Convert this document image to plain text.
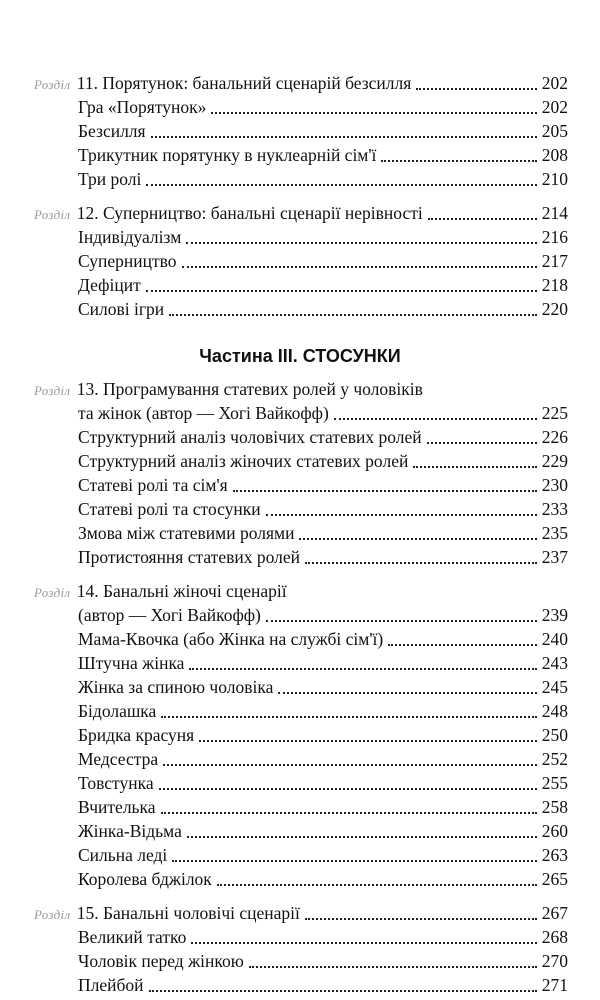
Розділ 11. Порятунок: банальний сценарій безсилля	202
Гра «Порятунок»	202
Безсилля	205
Трикутник порятунку в нуклеарній сім'ї	208
Три ролі	210
Розділ 12. Суперництво: банальні сценарії нерівності	214
Індивідуалізм	216
Суперництво	217
Дефіцит	218
Силові ігри	220
Частина III. СТОСУНКИ
Розділ 13. Програмування статевих ролей у чоловіків
та жінок (автор — Хогі Вайкофф)	225
Структурний аналіз чоловічих статевих ролей	226
Структурний аналіз жіночих статевих ролей	229
Статеві ролі та сім'я	230
Статеві ролі та стосунки	233
Змова між статевими ролями	235
Протистояння статевих ролей	237
Розділ 14. Банальні жіночі сценарії
(автор — Хогі Вайкофф)	239
Мама-Квочка (або Жінка на службі сім'ї)	240
Штучна жінка	243
Жінка за спиною чоловіка	245
Бідолашка	248
Бридка красуня	250
Медсестра	252
Товстунка	255
Вчителька	258
Жінка-Відьма	260
Сильна леді	263
Королева бджілок	265
Розділ 15. Банальні чоловічі сценарії	267
Великий татко	268
Чоловік перед жінкою	270
Плейбой	271
